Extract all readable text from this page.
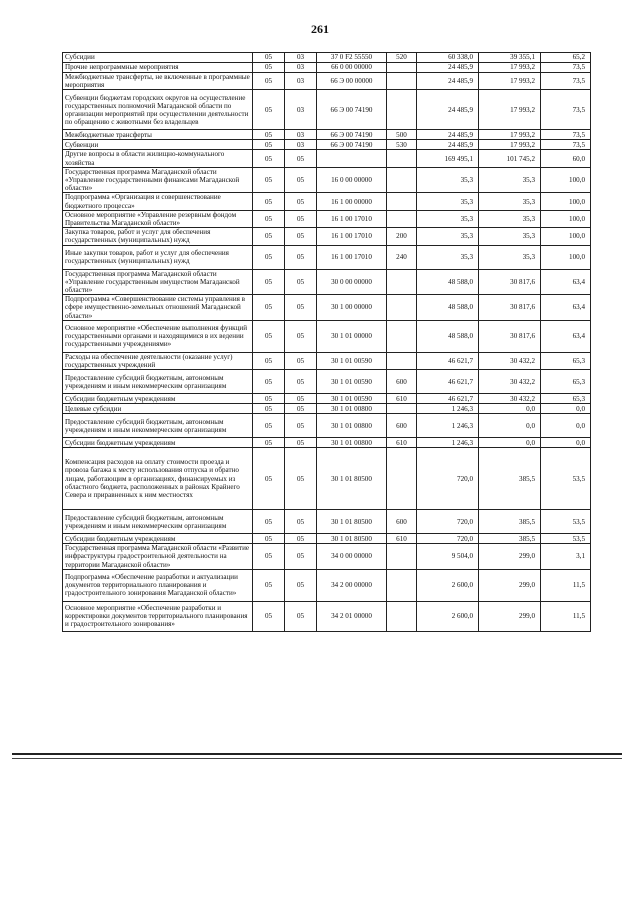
261
Субсидии	05	03	37 0 F2 55550	520	60 338,0	39 355,1	65,2
Прочие непрограммные мероприятия	05	03	66 0 00 00000		24 485,9	17 993,2	73,5
Межбюджетные трансферты, не включенные в программные мероприятия	05	03	66 Э 00 00000		24 485,9	17 993,2	73,5
Субвенции бюджетам городских округов на осуществление государственных полномочий Магаданской области по организации мероприятий при осуществлении деятельности по обращению с животными без владельцев	05	03	66 Э 00 74190		24 485,9	17 993,2	73,5
Межбюджетные трансферты	05	03	66 Э 00 74190	500	24 485,9	17 993,2	73,5
Субвенции	05	03	66 Э 00 74190	530	24 485,9	17 993,2	73,5
Другие вопросы в области жилищно-коммунального хозяйства	05	05			169 495,1	101 745,2	60,0
Государственная программа Магаданской области «Управление государственными финансами Магаданской области»	05	05	16 0 00 00000		35,3	35,3	100,0
Подпрограмма «Организация и совершенствование бюджетного процесса»	05	05	16 1 00 00000		35,3	35,3	100,0
Основное мероприятие «Управление резервным фондом Правительства Магаданской области»	05	05	16 1 00 17010		35,3	35,3	100,0
Закупка товаров, работ и услуг для обеспечения государственных (муниципальных) нужд	05	05	16 1 00 17010	200	35,3	35,3	100,0
Иные закупки товаров, работ и услуг для обеспечения государственных (муниципальных) нужд	05	05	16 1 00 17010	240	35,3	35,3	100,0
Государственная программа Магаданской области «Управление государственным имуществом Магаданской области»	05	05	30 0 00 00000		48 588,0	30 817,6	63,4
Подпрограмма «Совершенствование системы управления в сфере имущественно-земельных отношений Магаданской области»	05	05	30 1 00 00000		48 588,0	30 817,6	63,4
Основное мероприятие «Обеспечение выполнения функций государственными органами и находящимися в их ведении государственными учреждениями»	05	05	30 1 01 00000		48 588,0	30 817,6	63,4
Расходы на обеспечение деятельности (оказание услуг) государственных учреждений	05	05	30 1 01 00590		46 621,7	30 432,2	65,3
Предоставление субсидий бюджетным, автономным учреждениям и иным некоммерческим организациям	05	05	30 1 01 00590	600	46 621,7	30 432,2	65,3
Субсидии бюджетным учреждениям	05	05	30 1 01 00590	610	46 621,7	30 432,2	65,3
Целевые субсидии	05	05	30 1 01 00800		1 246,3	0,0	0,0
Предоставление субсидий бюджетным, автономным учреждениям и иным некоммерческим организациям	05	05	30 1 01 00800	600	1 246,3	0,0	0,0
Субсидии бюджетным учреждениям	05	05	30 1 01 00800	610	1 246,3	0,0	0,0
Компенсация расходов на оплату стоимости проезда и провоза багажа к месту использования отпуска и обратно лицам, работающим в организациях, финансируемых из областного бюджета, расположенных в районах Крайнего Севера и приравненных к ним местностях	05	05	30 1 01 80500		720,0	385,5	53,5
Предоставление субсидий бюджетным, автономным учреждениям и иным некоммерческим организациям	05	05	30 1 01 80500	600	720,0	385,5	53,5
Субсидии бюджетным учреждениям	05	05	30 1 01 80500	610	720,0	385,5	53,5
Государственная программа Магаданской области «Развитие инфраструктуры градостроительной деятельности на территории Магаданской области»	05	05	34 0 00 00000		9 504,0	299,0	3,1
Подпрограмма «Обеспечение разработки и актуализации документов территориального планирования и градостроительного зонирования Магаданской области»	05	05	34 2 00 00000		2 600,0	299,0	11,5
Основное мероприятие «Обеспечение разработки и корректировки документов территориального планирования и градостроительного зонирования»	05	05	34 2 01 00000		2 600,0	299,0	11,5
